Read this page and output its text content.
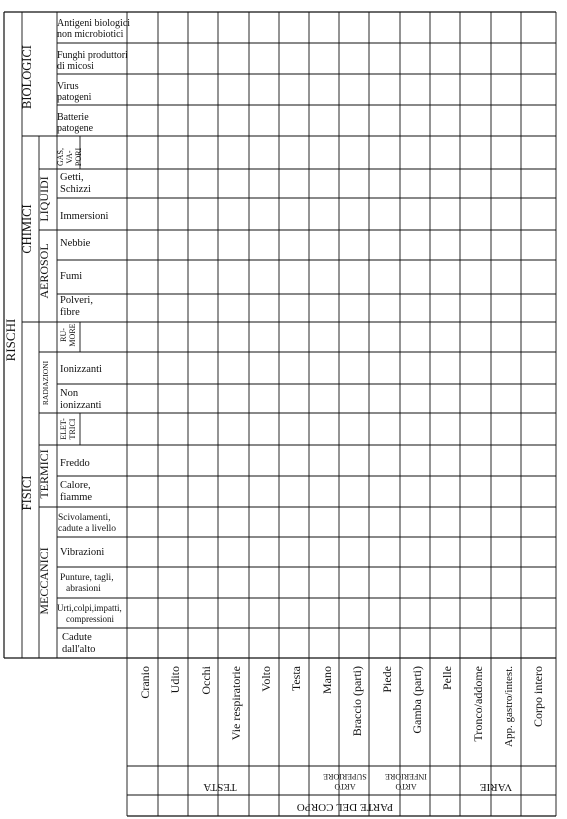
RISCHI
BIOLOGICI
CHIMICI
FISICI
LIQUIDI
AEROSOL
RADIAZIONI
TERMICI
MECCANICI
GAS, VA- PORI
RU- MORE
ELET- TRICI
Antigeni biologici non microbiotici
Funghi produttori di micosi
Virus patogeni
Batterie patogene
Getti, Schizzi
Immersioni
Nebbie
Fumi
Polveri, fibre
Ionizzanti
Non ionizzanti
Freddo
Calore, fiamme
Scivolamenti, cadute a livello
Vibrazioni
Punture, tagli, abrasioni
Urti,colpi,impatti, compressioni
Cadute dall'alto
Cranio Udito Occhi Vie respiratorie Volto Testa Mano Braccio (parti) Piede Gamba (parti) Pelle Tronco/addome App. gastro/intest. Corpo intero
TESTA	ARTO
SUPERIORE
ARTO
INFERIORE
VARIE
PARTE DEL CORPO
